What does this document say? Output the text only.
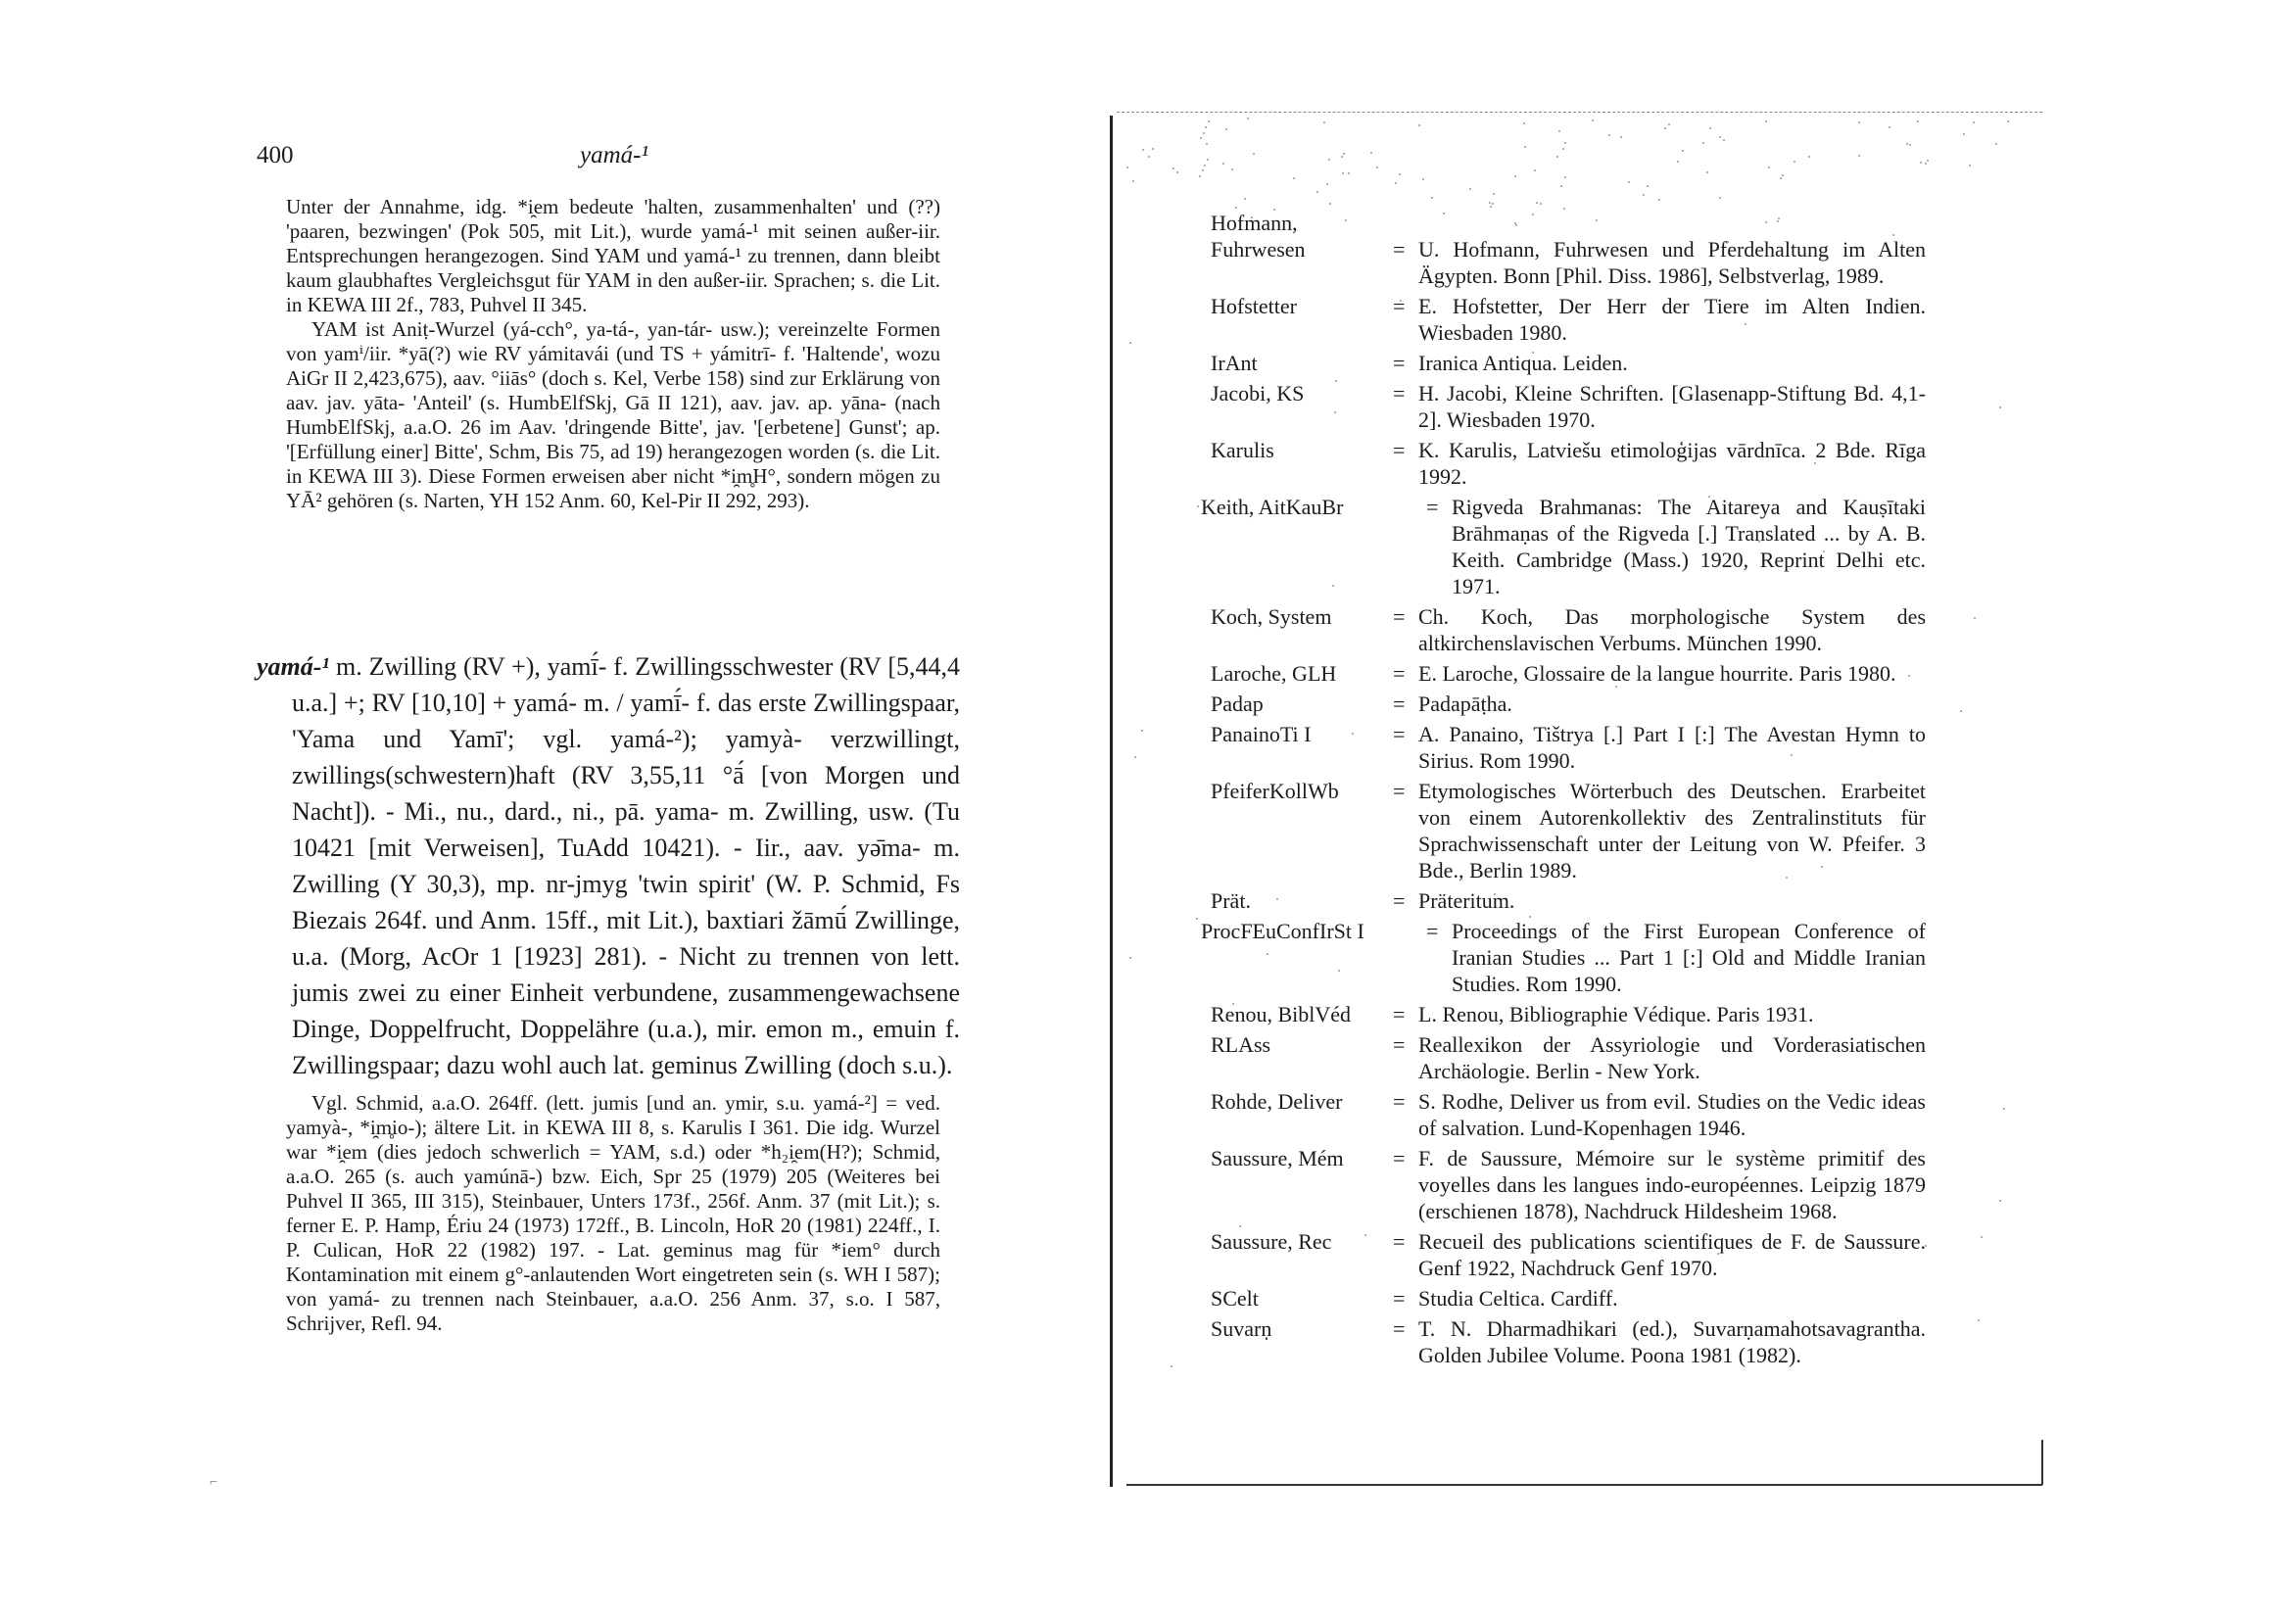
400	yamá-¹

Unter der Annahme, idg. *i̯em bedeute 'halten, zusammenhalten' und (??) 'paaren, bezwingen' (Pok 505, mit Lit.), wurde yamá-¹ mit seinen außer-iir. Entsprechungen herangezogen. Sind YAM und yamá-¹ zu trennen, dann bleibt kaum glaubhaftes Vergleichsgut für YAM in den außer-iir. Sprachen; s. die Lit. in KEWA III 2f., 783, Puhvel II 345.

YAM ist Aniṭ-Wurzel (yá-cch°, ya-tá-, yan-tár- usw.); vereinzelte Formen von yamⁱ/iir. *yā(?) wie RV yámitavái (und TS + yámitrī- f. 'Haltende', wozu AiGr II 2,423,675), aav. °iiās° (doch s. Kel, Verbe 158) sind zur Erklärung von aav. jav. yāta- 'Anteil' (s. HumbElfSkj, Gā II 121), aav. jav. ap. yāna- (nach HumbElfSkj, a.a.O. 26 im Aav. 'dringende Bitte', jav. '[erbetene] Gunst'; ap. '[Erfüllung einer] Bitte', Schm, Bis 75, ad 19) herangezogen worden (s. die Lit. in KEWA III 3). Diese Formen erweisen aber nicht *i̯m̥H°, sondern mögen zu YĀ² gehören (s. Narten, YH 152 Anm. 60, Kel-Pir II 292, 293).

yamá-¹ m. Zwilling (RV +), yamī́- f. Zwillingsschwester (RV [5,44,4 u.a.] +; RV [10,10] + yamá- m. / yamī́- f. das erste Zwillingspaar, 'Yama und Yamī'; vgl. yamá-²); yamyà- verzwillingt, zwillings(schwestern)haft (RV 3,55,11 °ā́ [von Morgen und Nacht]). - Mi., nu., dard., ni., pā. yama- m. Zwilling, usw. (Tu 10421 [mit Verweisen], TuAdd 10421). - Iir., aav. yə̄ma- m. Zwilling (Y 30,3), mp. nr-jmyg 'twin spirit' (W. P. Schmid, Fs Biezais 264f. und Anm. 15ff., mit Lit.), baxtiari žāmū́ Zwillinge, u.a. (Morg, AcOr 1 [1923] 281). - Nicht zu trennen von lett. jumis zwei zu einer Einheit verbundene, zusammengewachsene Dinge, Doppelfrucht, Doppelähre (u.a.), mir. emon m., emuin f. Zwillingspaar; dazu wohl auch lat. geminus Zwilling (doch s.u.).

Vgl. Schmid, a.a.O. 264ff. (lett. jumis [und an. ymir, s.u. yamá-²] = ved. yamyà-, *i̯m̥io-); ältere Lit. in KEWA III 8, s. Karulis I 361. Die idg. Wurzel war *i̯em (dies jedoch schwerlich = YAM, s.d.) oder *h₂i̯em(H?); Schmid, a.a.O. 265 (s. auch yamúnā-) bzw. Eich, Spr 25 (1979) 205 (Weiteres bei Puhvel II 365, III 315), Steinbauer, Unters 173f., 256f. Anm. 37 (mit Lit.); s. ferner E. P. Hamp, Ériu 24 (1973) 172ff., B. Lincoln, HoR 20 (1981) 224ff., I. P. Culican, HoR 22 (1982) 197. - Lat. geminus mag für *iem° durch Kontamination mit einem g°-anlautenden Wort eingetreten sein (s. WH I 587); von yamá- zu trennen nach Steinbauer, a.a.O. 256 Anm. 37, s.o. I 587, Schrijver, Refl. 94.

⌐
Hofmann,
Fuhrwesen	= U. Hofmann, Fuhrwesen und Pferdehaltung im Alten Ägypten. Bonn [Phil. Diss. 1986], Selbstverlag, 1989.
Hofstetter	= E. Hofstetter, Der Herr der Tiere im Alten Indien. Wiesbaden 1980.
IrAnt	= Iranica Antiqua. Leiden.
Jacobi, KS	= H. Jacobi, Kleine Schriften. [Glasenapp-Stiftung Bd. 4,1-2]. Wiesbaden 1970.
Karulis	= K. Karulis, Latviešu etimoloģijas vārdnīca. 2 Bde. Rīga 1992.
Keith, AitKauBr	= Rigveda Brahmanas: The Aitareya and Kauṣītaki Brāhmaṇas of the Rigveda [.] Translated ... by A. B. Keith. Cambridge (Mass.) 1920, Reprint Delhi etc. 1971.
Koch, System	= Ch. Koch, Das morphologische System des altkirchenslavischen Verbums. München 1990.
Laroche, GLH	= E. Laroche, Glossaire de la langue hourrite. Paris 1980.
Padap	= Padapāṭha.
PanainoTi I	= A. Panaino, Tištrya [.] Part I [:] The Avestan Hymn to Sirius. Rom 1990.
PfeiferKollWb	= Etymologisches Wörterbuch des Deutschen. Erarbeitet von einem Autorenkollektiv des Zentralinstituts für Sprachwissenschaft unter der Leitung von W. Pfeifer. 3 Bde., Berlin 1989.
Prät.	= Präteritum.
ProcFEuConfIrSt I	= Proceedings of the First European Conference of Iranian Studies ... Part 1 [:] Old and Middle Iranian Studies. Rom 1990.
Renou, BiblVéd	= L. Renou, Bibliographie Védique. Paris 1931.
RLAss	= Reallexikon der Assyriologie und Vorderasiatischen Archäologie. Berlin - New York.
Rohde, Deliver	= S. Rodhe, Deliver us from evil. Studies on the Vedic ideas of salvation. Lund-Kopenhagen 1946.
Saussure, Mém	= F. de Saussure, Mémoire sur le système primitif des voyelles dans les langues indo-européennes. Leipzig 1879 (erschienen 1878), Nachdruck Hildesheim 1968.
Saussure, Rec	= Recueil des publications scientifiques de F. de Saussure. Genf 1922, Nachdruck Genf 1970.
SCelt	= Studia Celtica. Cardiff.
Suvarṇ	= T. N. Dharmadhikari (ed.), Suvarṇamahotsavagrantha. Golden Jubilee Volume. Poona 1981 (1982).
